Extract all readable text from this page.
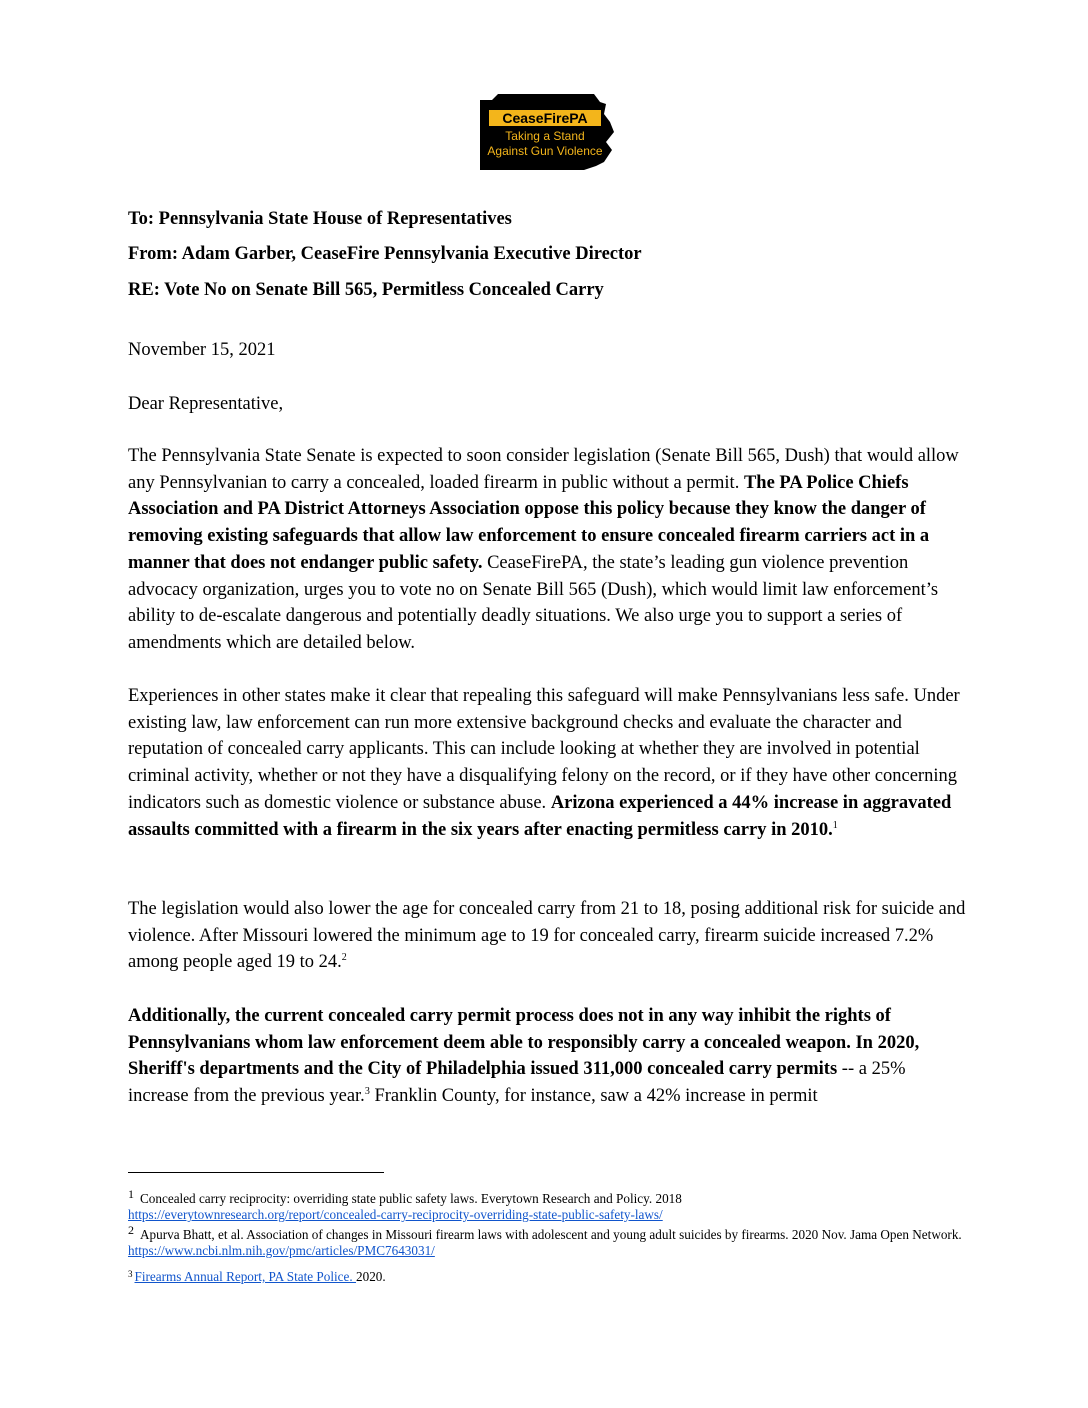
CeaseFirePA
Taking a Stand
Against Gun Violence
To: Pennsylvania State House of Representatives
From: Adam Garber, CeaseFire Pennsylvania Executive Director
RE: Vote No on Senate Bill 565, Permitless Concealed Carry
November 15, 2021
Dear Representative,
The Pennsylvania State Senate is expected to soon consider legislation (Senate Bill 565, Dush) that would allow any Pennsylvanian to carry a concealed, loaded firearm in public without a permit. The PA Police Chiefs Association and PA District Attorneys Association oppose this policy because they know the danger of removing existing safeguards that allow law enforcement to ensure concealed firearm carriers act in a manner that does not endanger public safety. CeaseFirePA, the state’s leading gun violence prevention advocacy organization, urges you to vote no on Senate Bill 565 (Dush), which would limit law enforcement’s ability to de-escalate dangerous and potentially deadly situations. We also urge you to support a series of amendments which are detailed below.
Experiences in other states make it clear that repealing this safeguard will make Pennsylvanians less safe. Under existing law, law enforcement can run more extensive background checks and evaluate the character and reputation of concealed carry applicants. This can include looking at whether they are involved in potential criminal activity, whether or not they have a disqualifying felony on the record, or if they have other concerning indicators such as domestic violence or substance abuse. Arizona experienced a 44% increase in aggravated assaults committed with a firearm in the six years after enacting permitless carry in 2010.$^1$
The legislation would also lower the age for concealed carry from 21 to 18, posing additional risk for suicide and violence. After Missouri lowered the minimum age to 19 for concealed carry, firearm suicide increased 7.2% among people aged 19 to 24.$^2$
Additionally, the current concealed carry permit process does not in any way inhibit the rights of Pennsylvanians whom law enforcement deem able to responsibly carry a concealed weapon. In 2020, Sheriff's departments and the City of Philadelphia issued 311,000 concealed carry permits -- a 25% increase from the previous year.$^3$ Franklin County, for instance, saw a 42% increase in permit
1 Concealed carry reciprocity: overriding state public safety laws. Everytown Research and Policy. 2018
https://everytownresearch.org/report/concealed-carry-reciprocity-overriding-state-public-safety-laws/
2 Apurva Bhatt, et al. Association of changes in Missouri firearm laws with adolescent and young adult suicides by firearms. 2020 Nov. Jama Open Network. https://www.ncbi.nlm.nih.gov/pmc/articles/PMC7643031/
$^3$ Firearms Annual Report, PA State Police. 2020.
